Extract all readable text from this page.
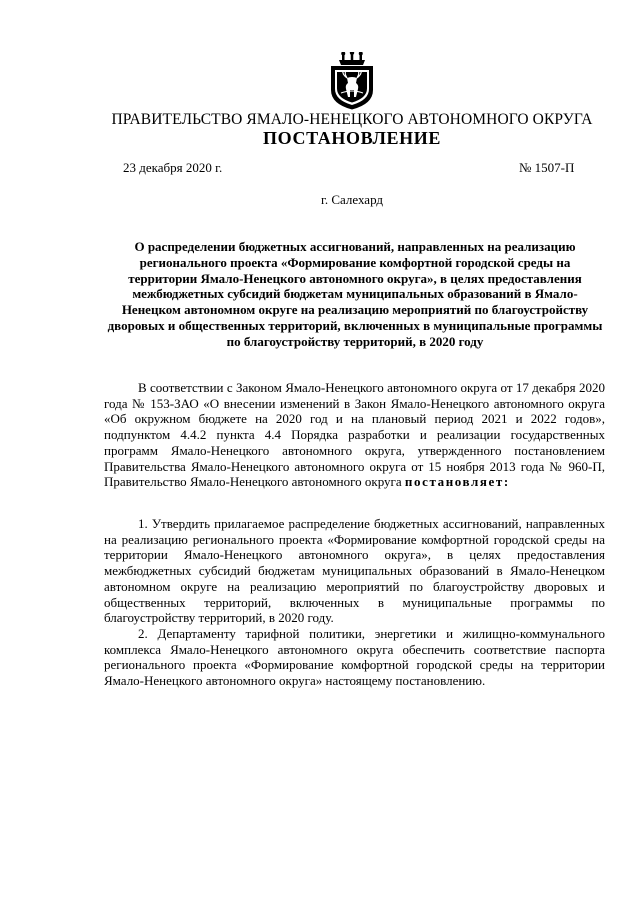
ПРАВИТЕЛЬСТВО ЯМАЛО-НЕНЕЦКОГО АВТОНОМНОГО ОКРУГА
ПОСТАНОВЛЕНИЕ
23 декабря 2020 г.	№ 1507-П
г. Салехард
О распределении бюджетных ассигнований, направленных на реализацию регионального проекта «Формирование комфортной городской среды на территории Ямало-Ненецкого автономного округа», в целях предоставления межбюджетных субсидий бюджетам муниципальных образований в Ямало-Ненецком автономном округе на реализацию мероприятий по благоустройству дворовых и общественных территорий, включенных в муниципальные программы по благоустройству территорий, в 2020 году

В соответствии с Законом Ямало-Ненецкого автономного округа от 17 декабря 2020 года № 153-ЗАО «О внесении изменений в Закон Ямало-Ненецкого автономного округа «Об окружном бюджете на 2020 год и на плановый период 2021 и 2022 годов», подпунктом 4.4.2 пункта 4.4 Порядка разработки и реализации государственных программ Ямало-Ненецкого автономного округа, утвержденного постановлением Правительства Ямало-Ненецкого автономного округа от 15 ноября 2013 года № 960-П, Правительство Ямало-Ненецкого автономного округа постановляет:

1. Утвердить прилагаемое распределение бюджетных ассигнований, направленных на реализацию регионального проекта «Формирование комфортной городской среды на территории Ямало-Ненецкого автономного округа», в целях предоставления межбюджетных субсидий бюджетам муниципальных образований в Ямало-Ненецком автономном округе на реализацию мероприятий по благоустройству дворовых и общественных территорий, включенных в муниципальные программы по благоустройству территорий, в 2020 году.

2. Департаменту тарифной политики, энергетики и жилищно-коммунального комплекса Ямало-Ненецкого автономного округа обеспечить соответствие паспорта регионального проекта «Формирование комфортной городской среды на территории Ямало-Ненецкого автономного округа» настоящему постановлению.
